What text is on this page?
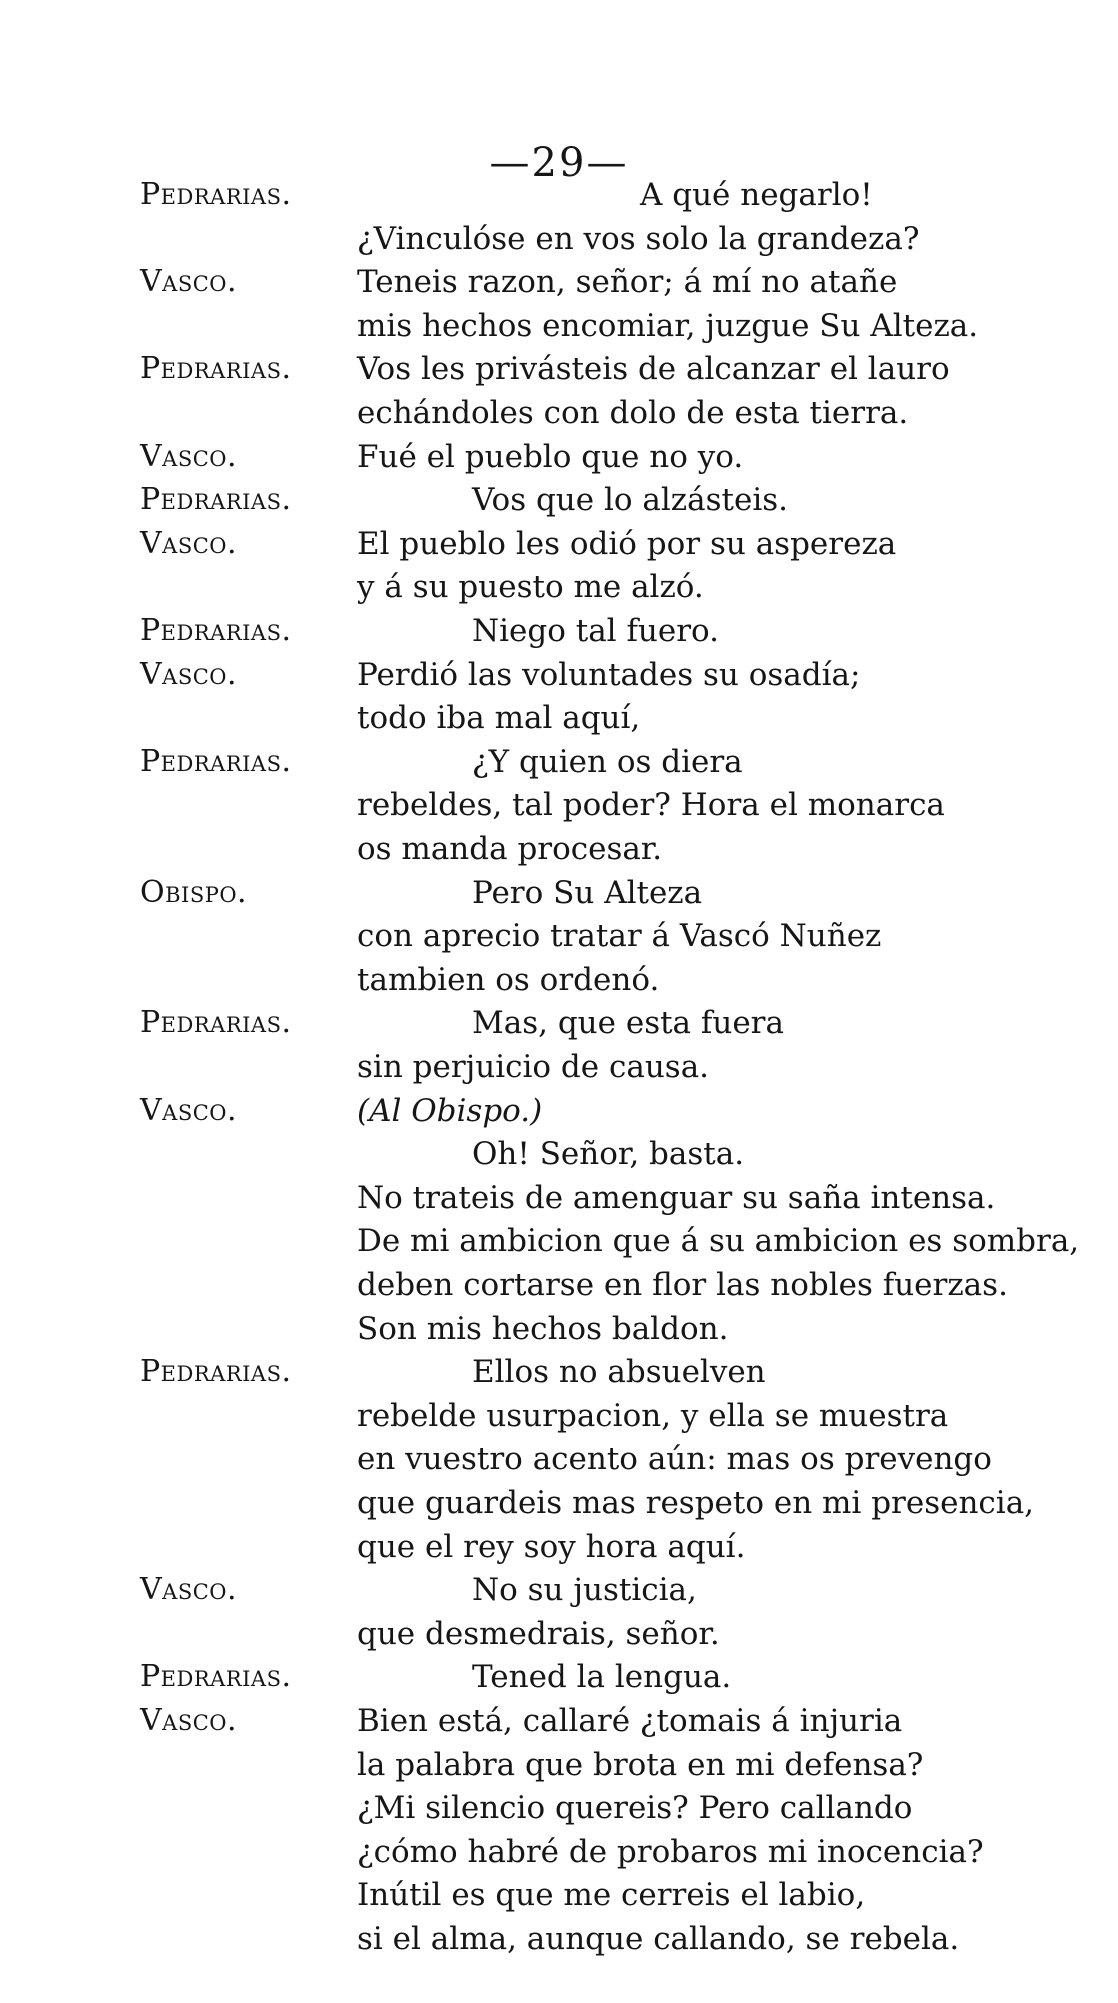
—29—
Pedrarias.	A qué negarlo!
¿Vinculóse en vos solo la grandeza?
Vasco.	Teneis razon, señor; á mí no atañe
mis hechos encomiar, juzgue Su Alteza.
Pedrarias. Vos les privásteis de alcanzar el lauro
echándoles con dolo de esta tierra.
Vasco.	Fué el pueblo que no yo.
Pedrarias.	Vos que lo alzásteis.
Vasco.	El pueblo les odió por su aspereza
y á su puesto me alzó.
Pedrarias.	Niego tal fuero.
Vasco.	Perdió las voluntades su osadía;
todo iba mal aquí,
Pedrarias.	¿Y quien os diera
rebeldes, tal poder? Hora el monarca
os manda procesar.
Obispo.	Pero Su Alteza
con aprecio tratar á Vascó Nuñez
tambien os ordenó.
Pedrarias.	Mas, que esta fuera
sin perjuicio de causa.
Vasco.	(Al Obispo.)
Oh! Señor, basta.
No trateis de amenguar su saña intensa.
De mi ambicion que á su ambicion es sombra,
deben cortarse en flor las nobles fuerzas.
Son mis hechos baldon.
Pedrarias.	Ellos no absuelven
rebelde usurpacion, y ella se muestra
en vuestro acento aún: mas os prevengo
que guardeis mas respeto en mi presencia,
que el rey soy hora aquí.
Vasco.	No su justicia,
que desmedrais, señor.
Pedrarias.	Tened la lengua.
Vasco.	Bien está, callaré ¿tomais á injuria
la palabra que brota en mi defensa?
¿Mi silencio quereis? Pero callando
¿cómo habré de probaros mi inocencia?
Inútil es que me cerreis el labio,
si el alma, aunque callando, se rebela.
